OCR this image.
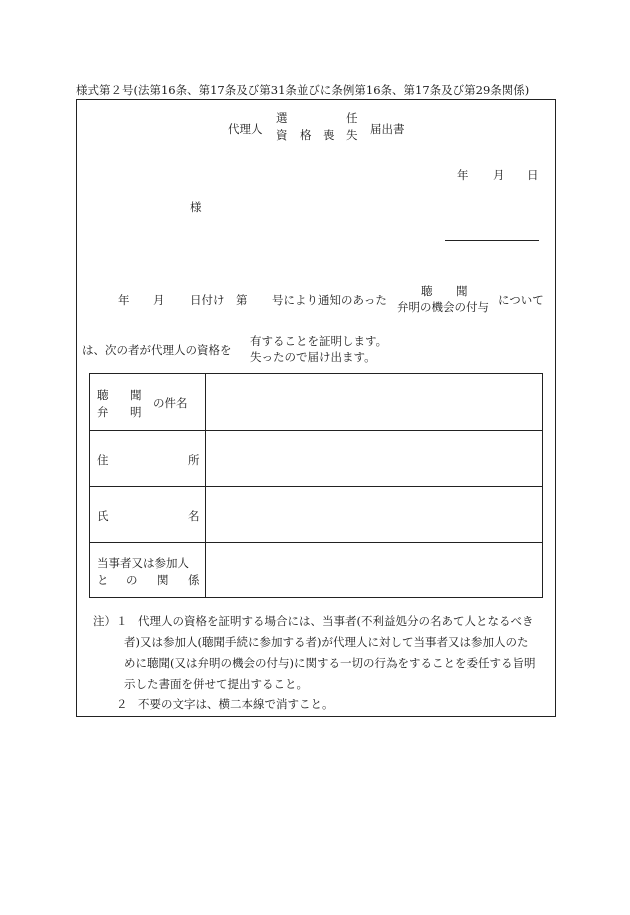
様式第２号(法第16条、第17条及び第31条並びに条例第16条、第17条及び第29条関係)
代理人
選
資 格
任
喪 失 届出書
年 月 日
様
年 月 日付け 第 号により通知のあった
聴 聞
弁明の機会の付与 について
は、次の者が代理人の資格を
有することを証明します。
失ったので届け出ます。
聴 聞
弁 明
の件名
住	所
氏	名
当事者又は参加人
と の 関 係
注）１ 代理人の資格を証明する場合には、当事者(不利益処分の名あて人となるべき
者)又は参加人(聴聞手続に参加する者)が代理人に対して当事者又は参加人のた
めに聴聞(又は弁明の機会の付与)に関する一切の行為をすることを委任する旨明
示した書面を併せて提出すること。
２ 不要の文字は、横二本線で消すこと。
